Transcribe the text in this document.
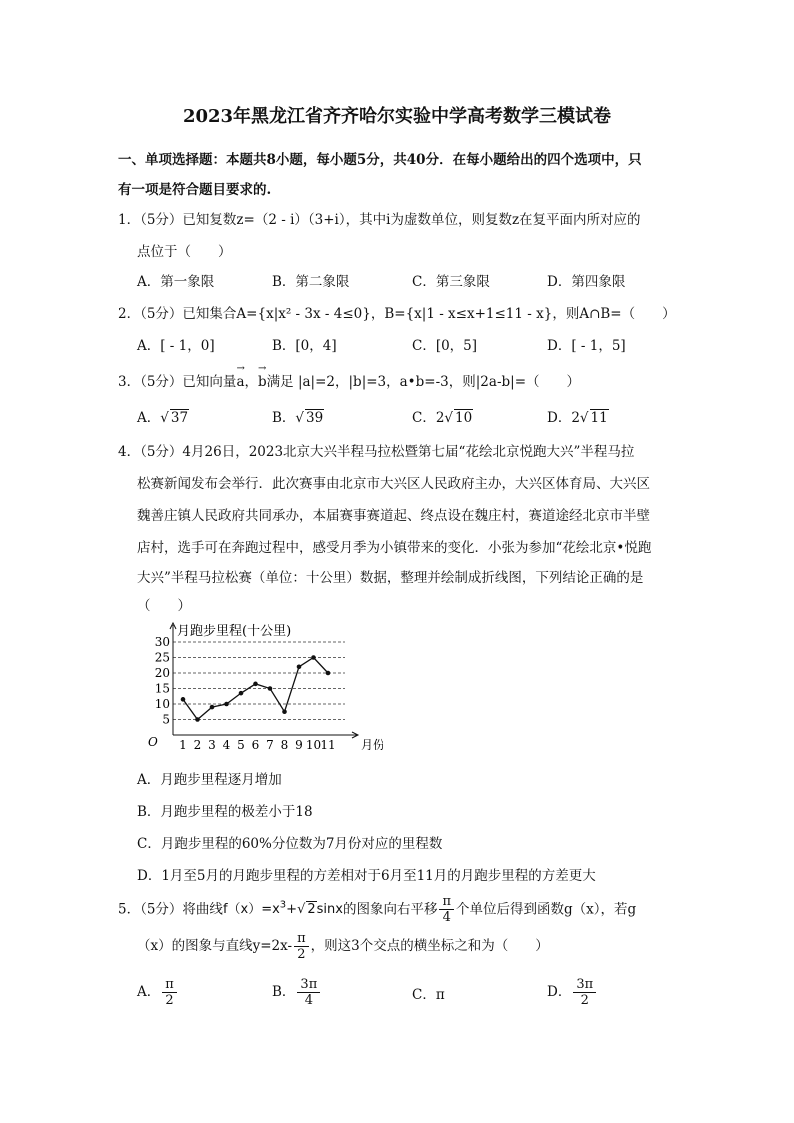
2023年黑龙江省齐齐哈尔实验中学高考数学三模试卷
一、单项选择题：本题共8小题，每小题5分，共40分．在每小题给出的四个选项中，只
有一项是符合题目要求的.
1．（5分）已知复数z=（2 - i）（3+i），其中i为虚数单位，则复数z在复平面内所对应的
点位于（　　）
A．第一象限	B．第二象限	C．第三象限	D．第四象限
2．（5分）已知集合A={x|x² - 3x - 4≤0}，B={x|1 - x≤x+1≤11 - x}，则A∩B=（　　）
A．[ - 1，0]	B．[0，4]	C．[0，5]	D．[ - 1，5]
3．（5分）已知向量→ a，→ b满足 |a|=2，|b|=3，a•b=-3，则|2a-b|=（　　）
A．√ 37	B．√ 39	C．2√ 10	D．2√ 11
4．（5分）4月26日，2023北京大兴半程马拉松暨第七届“花绘北京悦跑大兴”半程马拉
松赛新闻发布会举行．此次赛事由北京市大兴区人民政府主办，大兴区体育局、大兴区
魏善庄镇人民政府共同承办，本届赛事赛道起、终点设在魏庄村，赛道途经北京市半壁
店村，选手可在奔跑过程中，感受月季为小镇带来的变化．小张为参加“花绘北京•悦跑
大兴”半程马拉松赛（单位：十公里）数据，整理并绘制成折线图，下列结论正确的是
（　　）
5
10
15
20
25
30
月跑步里程(十公里)
O	月份
1 2 3 4 5 6 7 8 9 10 11
A．月跑步里程逐月增加
B．月跑步里程的极差小于18
C．月跑步里程的60%分位数为7月份对应的里程数
D．1月至5月的月跑步里程的方差相对于6月至11月的月跑步里程的方差更大
5．（5分）将曲线$f(x)=x^3+√$ 2sinx的图象向右平移 $\frac{\pi}{4}$ 个单位后得到函数g（x），若g
（x）的图象与直线$y=2x- \frac{\pi}{2}$ ，则这3个交点的横坐标之和为（　　）
A． $\frac{\pi}{2}$	B． $\frac{3\pi}{4}$	C．π	D． $\frac{3\pi}{2}$
